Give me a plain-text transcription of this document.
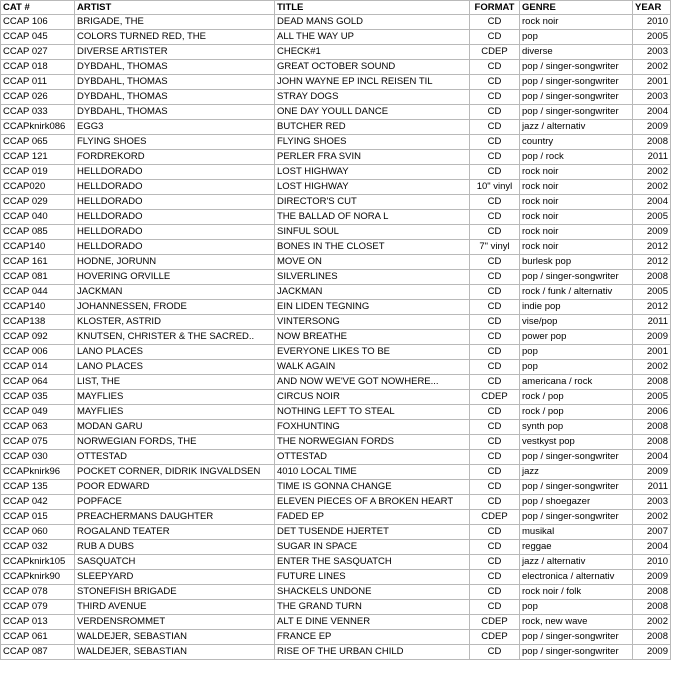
CAT #	ARTIST	TITLE	FORMAT	GENRE	YEAR
CCAP 106	BRIGADE, THE	DEAD MANS GOLD	CD	rock noir	2010
CCAP 045	COLORS TURNED RED, THE	ALL THE WAY UP	CD	pop	2005
CCAP 027	DIVERSE ARTISTER	CHECK#1	CDEP	diverse	2003
CCAP 018	DYBDAHL, THOMAS	GREAT OCTOBER SOUND	CD	pop / singer-songwriter	2002
CCAP 011	DYBDAHL, THOMAS	JOHN WAYNE EP INCL REISEN TIL	CD	pop / singer-songwriter	2001
CCAP 026	DYBDAHL, THOMAS	STRAY DOGS	CD	pop / singer-songwriter	2003
CCAP 033	DYBDAHL, THOMAS	ONE DAY YOULL DANCE	CD	pop / singer-songwriter	2004
CCAPknirk086	EGG3	BUTCHER RED	CD	jazz / alternativ	2009
CCAP 065	FLYING SHOES	FLYING SHOES	CD	country	2008
CCAP 121	FORDREKORD	PERLER FRA SVIN	CD	pop / rock	2011
CCAP 019	HELLDORADO	LOST HIGHWAY	CD	rock noir	2002
CCAP020	HELLDORADO	LOST HIGHWAY	10" vinyl	rock noir	2002
CCAP 029	HELLDORADO	DIRECTOR'S CUT	CD	rock noir	2004
CCAP 040	HELLDORADO	THE BALLAD OF NORA L	CD	rock noir	2005
CCAP 085	HELLDORADO	SINFUL SOUL	CD	rock noir	2009
CCAP140	HELLDORADO	BONES IN THE CLOSET	7" vinyl	rock noir	2012
CCAP 161	HODNE, JORUNN	MOVE ON	CD	burlesk pop	2012
CCAP 081	HOVERING ORVILLE	SILVERLINES	CD	pop / singer-songwriter	2008
CCAP 044	JACKMAN	JACKMAN	CD	rock / funk / alternativ	2005
CCAP140	JOHANNESSEN, FRODE	EIN LIDEN TEGNING	CD	indie pop	2012
CCAP138	KLOSTER, ASTRID	VINTERSONG	CD	vise/pop	2011
CCAP 092	KNUTSEN, CHRISTER & THE SACRED..	NOW BREATHE	CD	power pop	2009
CCAP 006	LANO PLACES	EVERYONE LIKES TO BE	CD	pop	2001
CCAP 014	LANO PLACES	WALK AGAIN	CD	pop	2002
CCAP 064	LIST, THE	AND NOW WE'VE GOT NOWHERE...	CD	americana / rock	2008
CCAP 035	MAYFLIES	CIRCUS NOIR	CDEP	rock / pop	2005
CCAP 049	MAYFLIES	NOTHING LEFT TO STEAL	CD	rock / pop	2006
CCAP 063	MODAN GARU	FOXHUNTING	CD	synth pop	2008
CCAP 075	NORWEGIAN FORDS, THE	THE NORWEGIAN FORDS	CD	vestkyst pop	2008
CCAP 030	OTTESTAD	OTTESTAD	CD	pop / singer-songwriter	2004
CCAPknirk96	POCKET CORNER, DIDRIK INGVALDSEN	4010 LOCAL TIME	CD	jazz	2009
CCAP 135	POOR EDWARD	TIME IS GONNA CHANGE	CD	pop / singer-songwriter	2011
CCAP 042	POPFACE	ELEVEN PIECES OF A BROKEN HEART	CD	pop / shoegazer	2003
CCAP 015	PREACHERMANS DAUGHTER	FADED EP	CDEP	pop / singer-songwriter	2002
CCAP 060	ROGALAND TEATER	DET TUSENDE HJERTET	CD	musikal	2007
CCAP 032	RUB A DUBS	SUGAR IN SPACE	CD	reggae	2004
CCAPknirk105	SASQUATCH	ENTER THE SASQUATCH	CD	jazz / alternativ	2010
CCAPknirk90	SLEEPYARD	FUTURE LINES	CD	electronica / alternativ	2009
CCAP 078	STONEFISH BRIGADE	SHACKELS UNDONE	CD	rock noir / folk	2008
CCAP 079	THIRD AVENUE	THE GRAND TURN	CD	pop	2008
CCAP 013	VERDENSROMMET	ALT E DINE VENNER	CDEP	rock, new wave	2002
CCAP 061	WALDEJER, SEBASTIAN	FRANCE EP	CDEP	pop / singer-songwriter	2008
CCAP 087	WALDEJER, SEBASTIAN	RISE OF THE URBAN CHILD	CD	pop / singer-songwriter	2009
